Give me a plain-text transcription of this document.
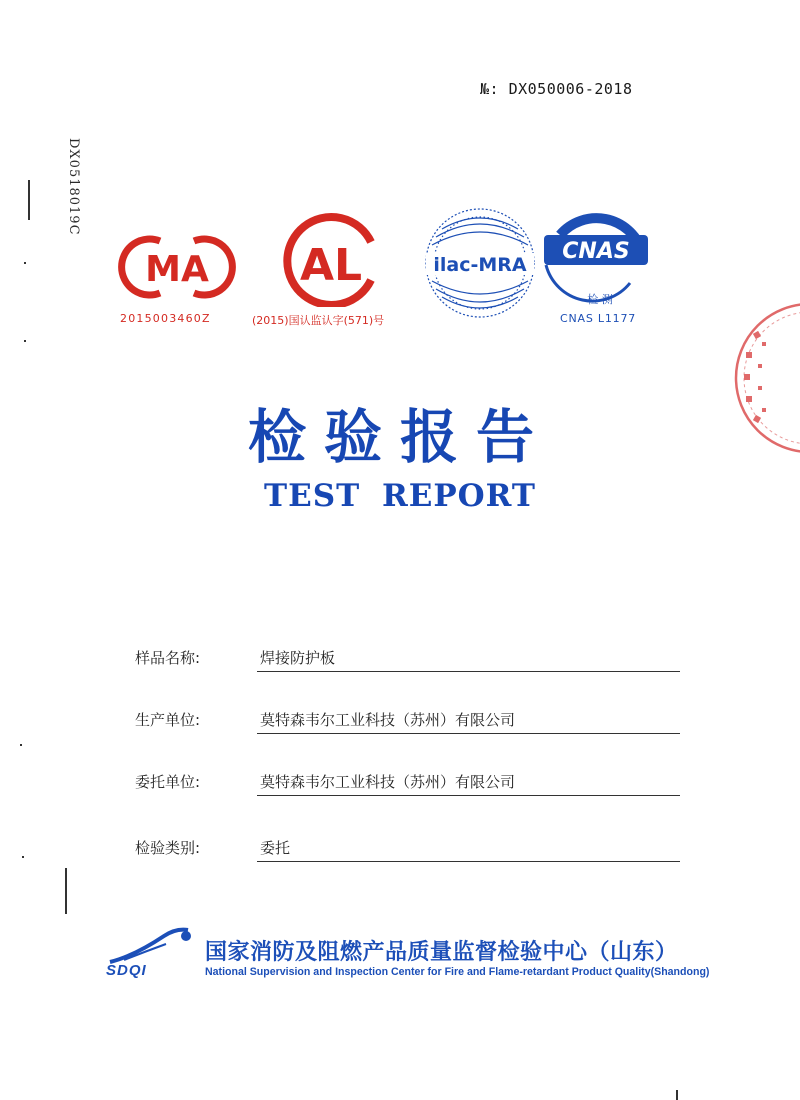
№: DX050006-2018
DX0518019C
MA
2015003460Z
AL
(2015)国认监认字(571)号
ilac-MRA
CNAS
检 测
CNAS L1177
检验报告
TEST REPORT
样品名称:	焊接防护板
生产单位:	莫特森韦尔工业科技（苏州）有限公司
委托单位:	莫特森韦尔工业科技（苏州）有限公司
检验类别:	委托
SDQI
国家消防及阻燃产品质量监督检验中心（山东）
National Supervision and Inspection Center for Fire and Flame-retardant Product Quality(Shandong)
